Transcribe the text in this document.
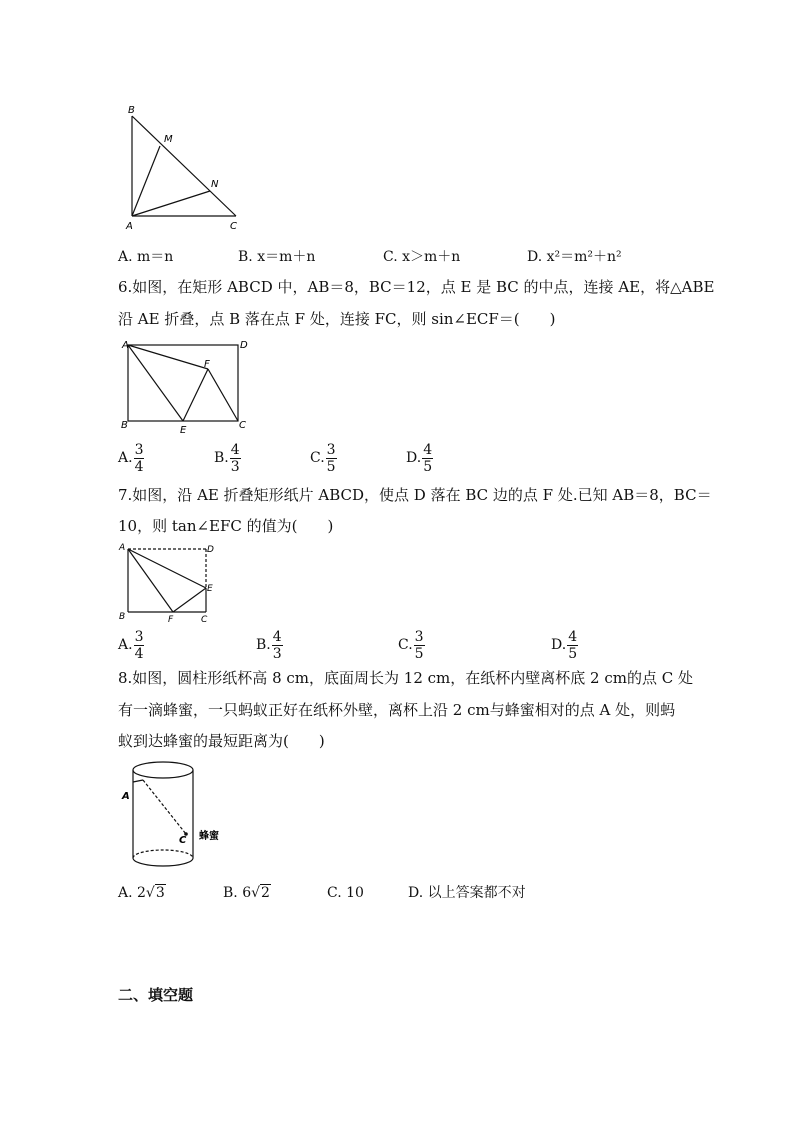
B
M
N
A	C
A. m＝n	B. x＝m＋n	C. x＞m＋n	D. x²＝m²＋n²
6.如图，在矩形 ABCD 中，AB＝8，BC＝12，点 E 是 BC 的中点，连接 AE，将△ABE
沿 AE 折叠，点 B 落在点 F 处，连接 FC，则 sin∠ECF＝(　　)
A	D
F
B	E	C
A. $\frac{3}{4}$	B. $\frac{4}{3}$	C. $\frac{3}{5}$	D. $\frac{4}{5}$
7.如图，沿 AE 折叠矩形纸片 ABCD，使点 D 落在 BC 边的点 F 处.已知 AB＝8，BC＝
10，则 tan∠EFC 的值为(　　)
A	D
E
B	F	C
A. $\frac{3}{4}$	B. $\frac{4}{3}$	C. $\frac{3}{5}$	D. $\frac{4}{5}$
8.如图，圆柱形纸杯高 8 cm，底面周长为 12 cm，在纸杯内壁离杯底 2 cm的点 C 处
有一滴蜂蜜，一只蚂蚁正好在纸杯外壁，离杯上沿 2 cm与蜂蜜相对的点 A 处，则蚂
蚁到达蜂蜜的最短距离为(　　)
A
C 蜂蜜
A. 2√3	B. 6√2	C. 10	D. 以上答案都不对
二、填空题
